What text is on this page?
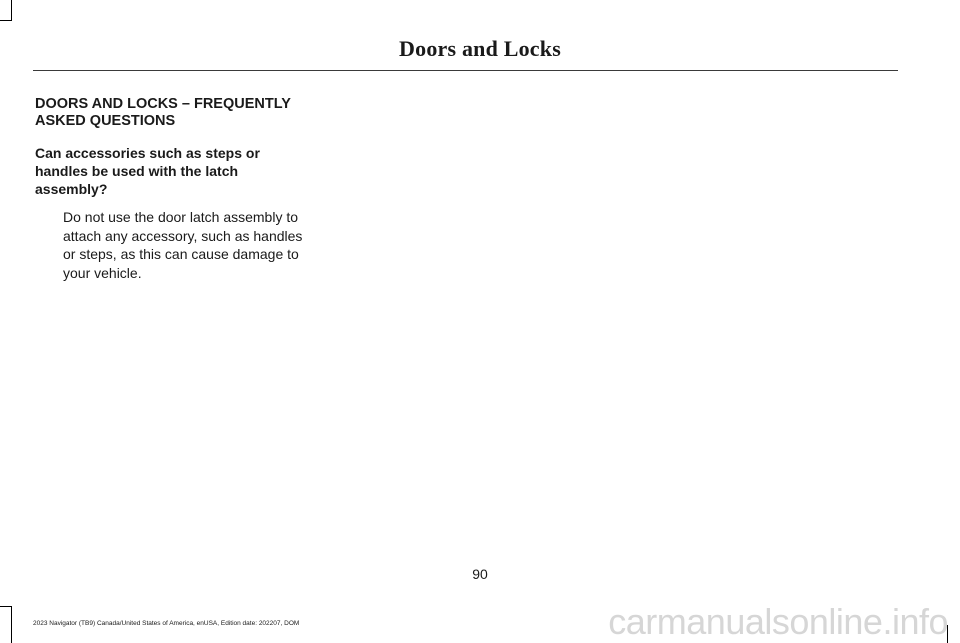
Doors and Locks
DOORS AND LOCKS – FREQUENTLY
ASKED QUESTIONS

Can accessories such as steps or handles be used with the latch assembly?

Do not use the door latch assembly to attach any accessory, such as handles or steps, as this can cause damage to your vehicle.

90
2023 Navigator (TB9) Canada/United States of America, enUSA, Edition date: 202207, DOM	carmanualsonline.info
